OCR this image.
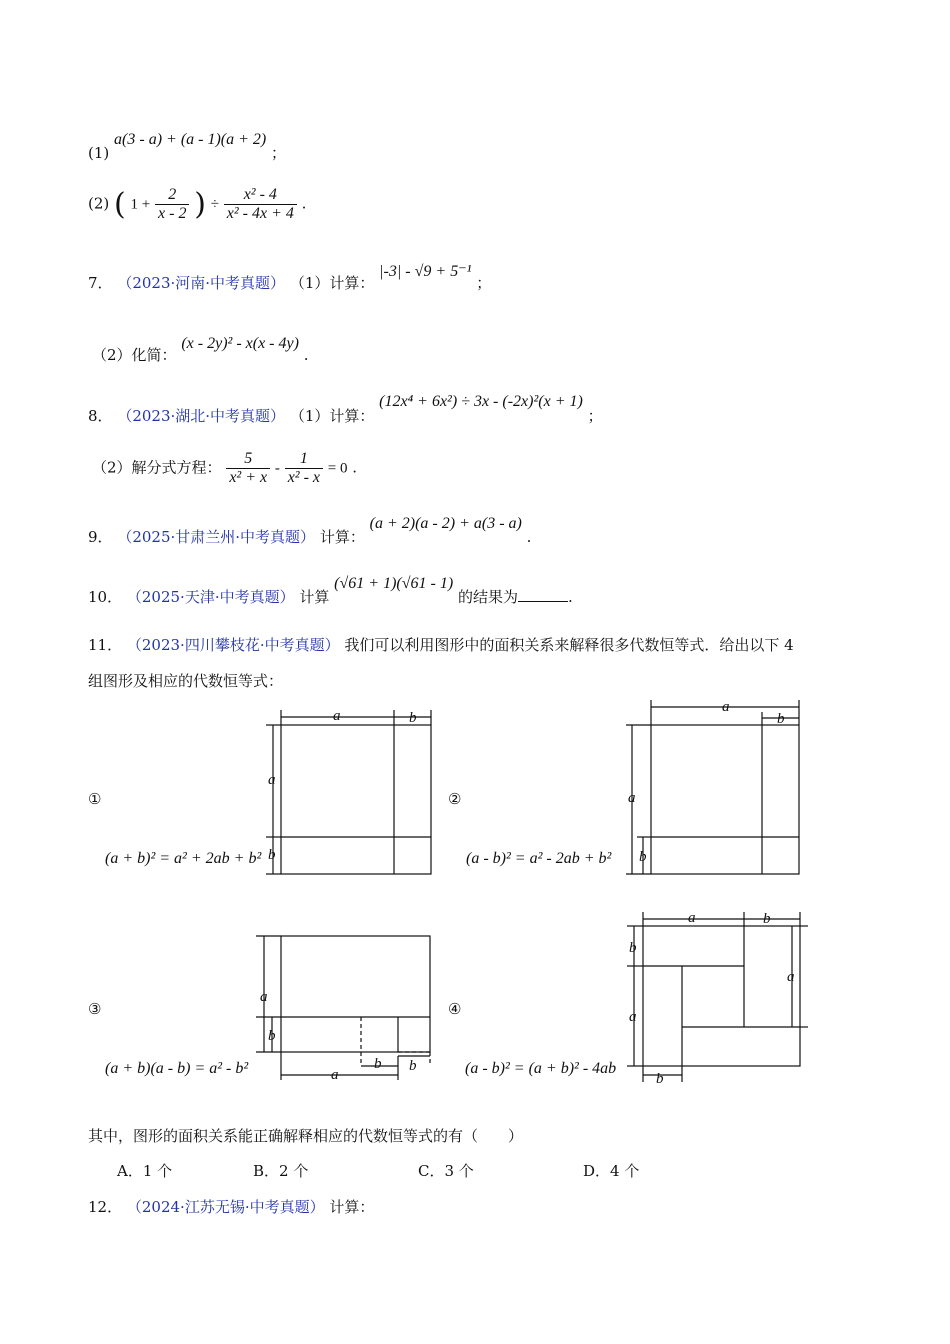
(1) a(3 - a) + (a - 1)(a + 2) ；
(2) ( $1 + \frac{2}{x - 2}$ ) ÷ $\frac{\text{x² - 4}}{\text{x² - 4x + 4}}$ .
7． （2023·河南·中考真题） （1）计算： |-3| - √9 + 5⁻¹ ；
（2）化简： (x - 2y)² - x(x - 4y) .
8． （2023·湖北·中考真题） （1）计算： (12x⁴ + 6x²) ÷ 3x - (-2x)²(x + 1) ；
（2）解分式方程： $\frac{5}{\text{x² + x}} - \frac{1}{\text{x² - x}} = 0$ .
9． （2025·甘肃兰州·中考真题） 计算： (a + 2)(a - 2) + a(3 - a) .
10． （2025·天津·中考真题） 计算 (√61 + 1)(√61 - 1) 的结果为	.
11． （2023·四川攀枝花·中考真题） 我们可以利用图形中的面积关系来解释很多代数恒等式．给出以下 4
组图形及相应的代数恒等式：
①
(a + b)² = a² + 2ab + b²
②
(a - b)² = a² - 2ab + b²
③
(a + b)(a - b) = a² - b²
④
(a - b)² = (a + b)² - 4ab
a	b
a
b
a
b
a
b
a
b
b b
a
a	b
b
a
a
b
其中，图形的面积关系能正确解释相应的代数恒等式的有（　　）
A．1 个	B．2 个	C．3 个	D．4 个
12． （2024·江苏无锡·中考真题） 计算：
